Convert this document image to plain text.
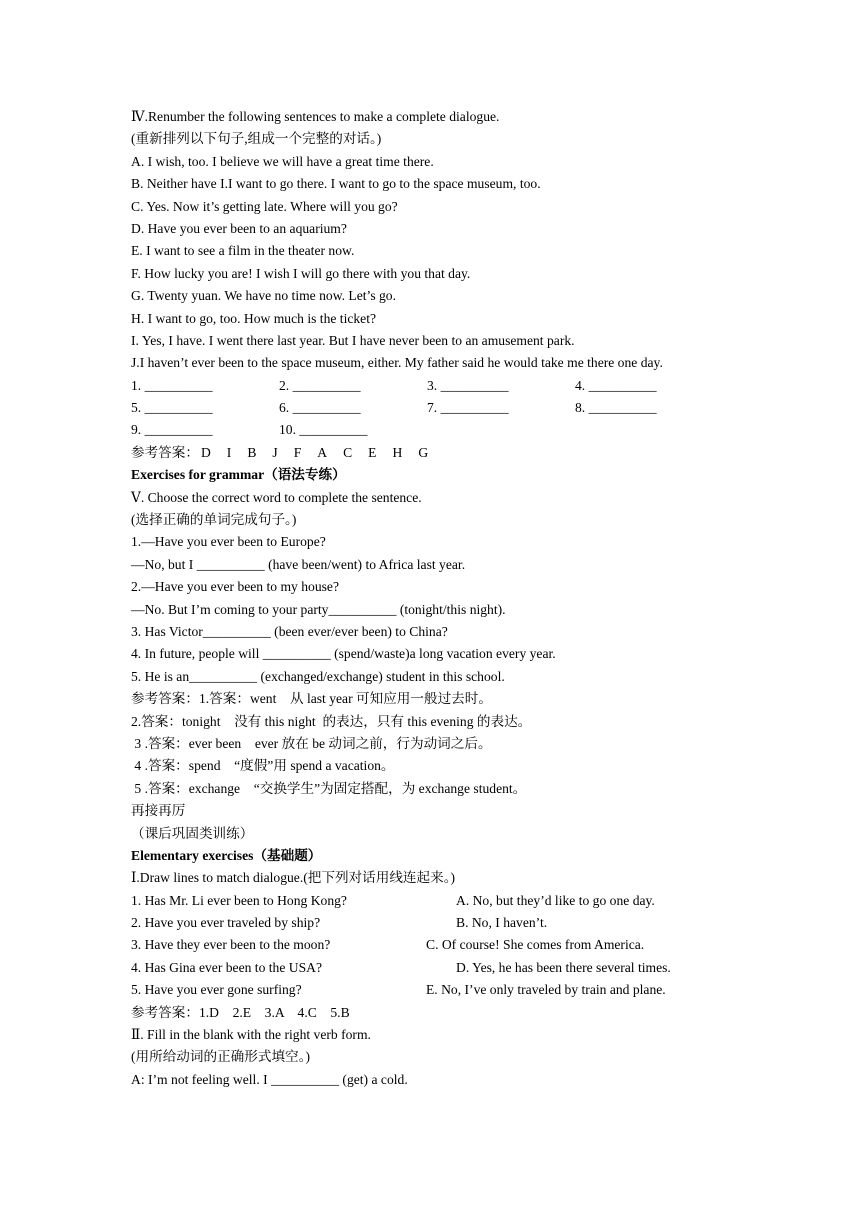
Ⅳ.Renumber the following sentences to make a complete dialogue.
(重新排列以下句子,组成一个完整的对话。)
A. I wish, too. I believe we will have a great time there.
B. Neither have I.I want to go there. I want to go to the space museum, too.
C. Yes. Now it’s getting late. Where will you go?
D. Have you ever been to an aquarium?
E. I want to see a film in the theater now.
F. How lucky you are! I wish I will go there with you that day.
G. Twenty yuan. We have no time now. Let’s go.
H. I want to go, too. How much is the ticket?
I. Yes, I have. I went there last year. But I have never been to an amusement park.
J.I haven’t ever been to the space museum, either. My father said he would take me there one day.
1. __________	2. __________	3. __________	4. __________
5. __________	6. __________	7. __________	8. __________
9. __________	10. __________
参考答案： D I B J F A C E H G
Exercises for grammar（语法专练）
Ⅴ. Choose the correct word to complete the sentence.
(选择正确的单词完成句子。)
1.—Have you ever been to Europe?
—No, but I __________ (have been/went) to Africa last year.
2.—Have you ever been to my house?
—No. But I’m coming to your party__________ (tonight/this night).
3. Has Victor__________ (been ever/ever been) to China?
4. In future, people will __________ (spend/waste)a long vacation every year.
5. He is an__________ (exchanged/exchange) student in this school.
参考答案：1.答案：went    从 last year 可知应用一般过去时。
2.答案：tonight    没有 this night  的表达，只有 this evening 的表达。
3 .答案：ever been    ever 放在 be 动词之前，行为动词之后。
4 .答案：spend    “度假”用 spend a vacation。
5 .答案：exchange    “交换学生”为固定搭配，为 exchange student。
再接再厉
（课后巩固类训练）
Elementary exercises（基础题）
Ⅰ.Draw lines to match dialogue.(把下列对话用线连起来。)
1. Has Mr. Li ever been to Hong Kong?	A. No, but they’d like to go one day.
2. Have you ever traveled by ship?	B. No, I haven’t.
3. Have they ever been to the moon?	C. Of course! She comes from America.
4. Has Gina ever been to the USA?	D. Yes, he has been there several times.
5. Have you ever gone surfing?	E. No, I’ve only traveled by train and plane.
参考答案：1.D    2.E    3.A    4.C    5.B
Ⅱ. Fill in the blank with the right verb form.
(用所给动词的正确形式填空。)
A: I’m not feeling well. I __________ (get) a cold.
